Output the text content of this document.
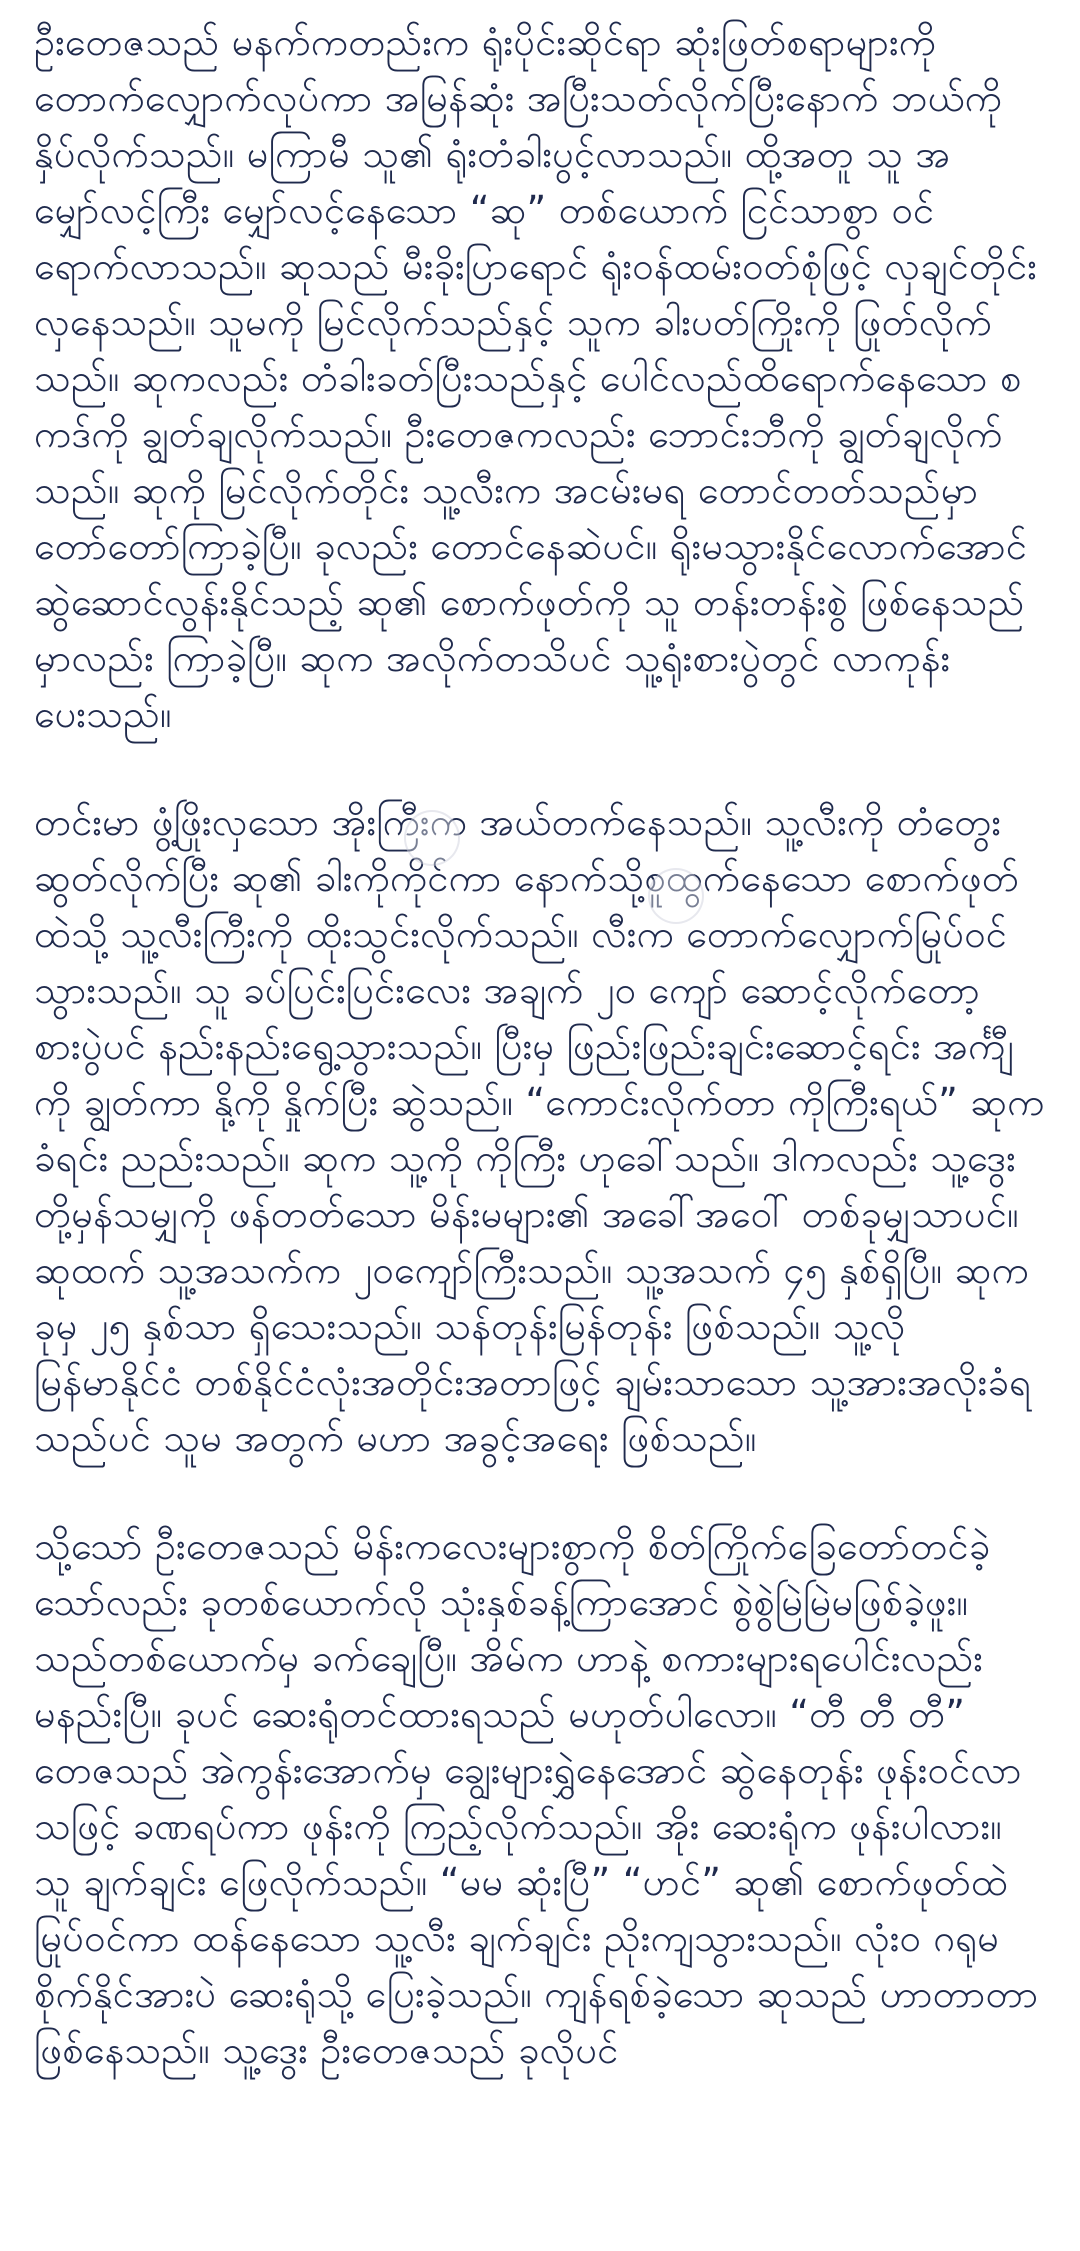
ဦးတေဇသည် မနက်ကတည်းက ရုံးပိုင်းဆိုင်ရာ ဆုံးဖြတ်စရာများကို တောက်လျှောက်လုပ်ကာ အမြန်ဆုံး အပြီးသတ်လိုက်ပြီးနောက် ဘယ်ကို နှိပ်လိုက်သည်။ မကြာမီ သူ၏ ရုံးတံခါးပွင့်လာသည်။ ထို့အတူ သူ အမျှော်လင့်ကြီး မျှော်လင့်နေသော “ဆု” တစ်ယောက် ငြင်သာစွာ ဝင်ရောက်လာသည်။ ဆုသည် မီးခိုးပြာရောင် ရုံးဝန်ထမ်းဝတ်စုံဖြင့် လှချင်တိုင်း လှနေသည်။ သူမကို မြင်လိုက်သည်နှင့် သူက ခါးပတ်ကြိုးကို ဖြုတ်လိုက်သည်။ ဆုကလည်း တံခါးခတ်ပြီးသည်နှင့် ပေါင်လည်ထိရောက်နေသော စကဒ်ကို ချွတ်ချလိုက်သည်။ ဦးတေဇကလည်း ဘောင်းဘီကို ချွတ်ချလိုက်သည်။ ဆုကို မြင်လိုက်တိုင်း သူ့လီးက အငမ်းမရ တောင်တတ်သည်မှာ တော်တော်ကြာခဲ့ပြီ။ ခုလည်း တောင်နေဆဲပင်။ ရိုးမသွားနိုင်လောက်အောင် ဆွဲဆောင်လွန်းနိုင်သည့် ဆု၏ စောက်ဖုတ်ကို သူ တန်းတန်းစွဲ ဖြစ်နေသည်မှာလည်း ကြာခဲ့ပြီ။ ဆုက အလိုက်တသိပင် သူ့ရုံးစားပွဲတွင် လာကုန်းပေးသည်။

တင်းမာ ဖွံ့ဖြိုးလှသော အိုးကြီးက အယ်တက်နေသည်။ သူ့လီးကို တံတွေးဆွတ်လိုက်ပြီး ဆု၏ ခါးကိုကိုင်ကာ နောက်သို့စူထွက်နေသော စောက်ဖုတ်ထဲသို့ သူ့လီးကြီးကို ထိုးသွင်းလိုက်သည်။ လီးက တောက်လျှောက်မြုပ်ဝင်သွားသည်။ သူ ခပ်ပြင်းပြင်းလေး အချက် ၂၀ ကျော် ဆောင့်လိုက်တော့ စားပွဲပင် နည်းနည်းရွေ့သွားသည်။ ပြီးမှ ဖြည်းဖြည်းချင်းဆောင့်ရင်း အင်္ကျီကို ချွတ်ကာ နို့ကို နှိုက်ပြီး ဆွဲသည်။ “ကောင်းလိုက်တာ ကိုကြီးရယ်” ဆုက ခံရင်း ညည်းသည်။ ဆုက သူ့ကို ကိုကြီး ဟုခေါ်သည်။ ဒါကလည်း သူ့ဒွေးတို့မှန်သမျှကို ဖန်တတ်သော မိန်းမများ၏ အခေါ်အဝေါ် တစ်ခုမျှသာပင်။ ဆုထက် သူ့အသက်က ၂၀ကျော်ကြီးသည်။ သူ့အသက် ၄၅ နှစ်ရှိပြီ။ ဆုက ခုမှ ၂၅ နှစ်သာ ရှိသေးသည်။ သန်တုန်းမြန်တုန်း ဖြစ်သည်။ သူ့လို မြန်မာနိုင်ငံ တစ်နိုင်ငံလုံးအတိုင်းအတာဖြင့် ချမ်းသာသော သူ့အားအလိုးခံရသည်ပင် သူမ အတွက် မဟာ အခွင့်အရေး ဖြစ်သည်။

သို့သော် ဦးတေဇသည် မိန်းကလေးများစွာကို စိတ်ကြိုက်ခြေတော်တင်ခဲ့သော်လည်း ခုတစ်ယောက်လို သုံးနှစ်ခန့်ကြာအောင် စွဲစွဲမြဲမြဲမဖြစ်ခဲ့ဖူး။ သည်တစ်ယောက်မှ ခက်ချေပြီ။ အိမ်က ဟာနဲ့ စကားများရပေါင်းလည်း မနည်းပြီ။ ခုပင် ဆေးရုံတင်ထားရသည် မဟုတ်ပါလော။ “တီ တီ တီ” တေဇသည် အဲကွန်းအောက်မှ ချွေးများရွှဲနေအောင် ဆွဲနေတုန်း ဖုန်းဝင်လာသဖြင့် ခဏရပ်ကာ ဖုန်းကို ကြည့်လိုက်သည်။ အိုး ဆေးရုံက ဖုန်းပါလား။ သူ ချက်ချင်း ဖြေလိုက်သည်။ “မမ ဆုံးပြီ” “ဟင်” ဆု၏ စောက်ဖုတ်ထဲမြုပ်ဝင်ကာ ထန်နေသော သူ့လီး ချက်ချင်း ညိုးကျသွားသည်။ လုံးဝ ဂရုမစိုက်နိုင်အားပဲ ဆေးရုံသို့ ပြေးခဲ့သည်။ ကျန်ရစ်ခဲ့သော ဆုသည် ဟာတာတာ ဖြစ်နေသည်။ သူ့ဒွေး ဦးတေဇသည် ခုလိုပင်
